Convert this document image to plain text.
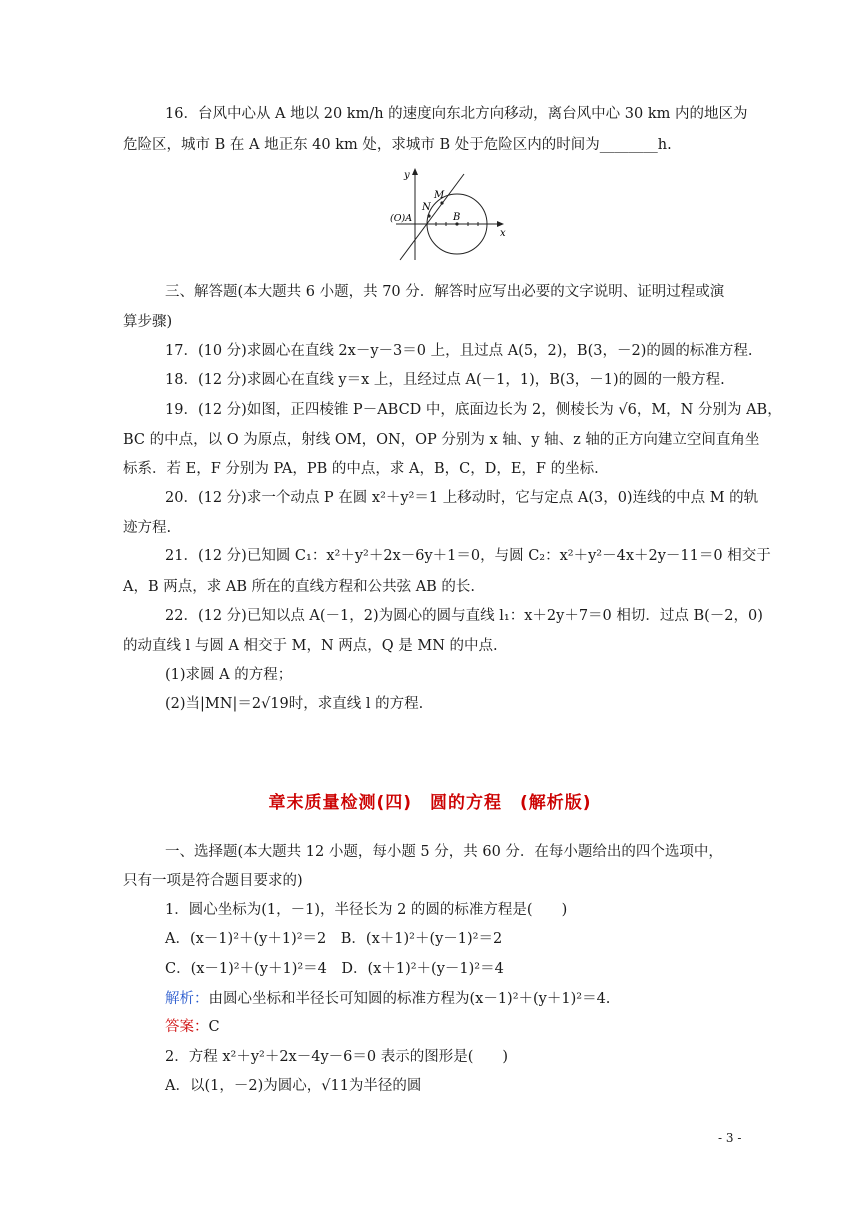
16．台风中心从 A 地以 20 km/h 的速度向东北方向移动，离台风中心 30 km 内的地区为
危险区，城市 B 在 A 地正东 40 km 处，求城市 B 处于危险区内的时间为________h.
y
x
M
N
(O)A	B
三、解答题(本大题共 6 小题，共 70 分．解答时应写出必要的文字说明、证明过程或演
算步骤)
17．(10 分)求圆心在直线 2x－y－3＝0 上，且过点 A(5，2)，B(3，－2)的圆的标准方程.
18．(12 分)求圆心在直线 y＝x 上，且经过点 A(－1，1)，B(3，－1)的圆的一般方程.
19．(12 分)如图，正四棱锥 P－ABCD 中，底面边长为 2，侧棱长为 √6，M，N 分别为 AB，
BC 的中点，以 O 为原点，射线 OM，ON，OP 分别为 x 轴、y 轴、z 轴的正方向建立空间直角坐
标系．若 E，F 分别为 PA，PB 的中点，求 A，B，C，D，E，F 的坐标.
20．(12 分)求一个动点 P 在圆 x²＋y²＝1 上移动时，它与定点 A(3，0)连线的中点 M 的轨
迹方程.
21．(12 分)已知圆 C₁：x²＋y²＋2x－6y＋1＝0，与圆 C₂：x²＋y²－4x＋2y－11＝0 相交于
A，B 两点，求 AB 所在的直线方程和公共弦 AB 的长.
22．(12 分)已知以点 A(－1，2)为圆心的圆与直线 l₁：x＋2y＋7＝0 相切．过点 B(－2，0)
的动直线 l 与圆 A 相交于 M，N 两点，Q 是 MN 的中点.
(1)求圆 A 的方程；
(2)当|MN|＝2√19时，求直线 l 的方程.
章末质量检测(四)　圆的方程　(解析版)
一、选择题(本大题共 12 小题，每小题 5 分，共 60 分．在每小题给出的四个选项中，
只有一项是符合题目要求的)
1．圆心坐标为(1，－1)，半径长为 2 的圆的标准方程是(　　)
A．(x－1)²＋(y＋1)²＝2　B．(x＋1)²＋(y－1)²＝2
C．(x－1)²＋(y＋1)²＝4　D．(x＋1)²＋(y－1)²＝4
解析：由圆心坐标和半径长可知圆的标准方程为(x－1)²＋(y＋1)²＝4.
答案：C
2．方程 x²＋y²＋2x－4y－6＝0 表示的图形是(　　)
A．以(1，－2)为圆心，√11为半径的圆
- 3 -
